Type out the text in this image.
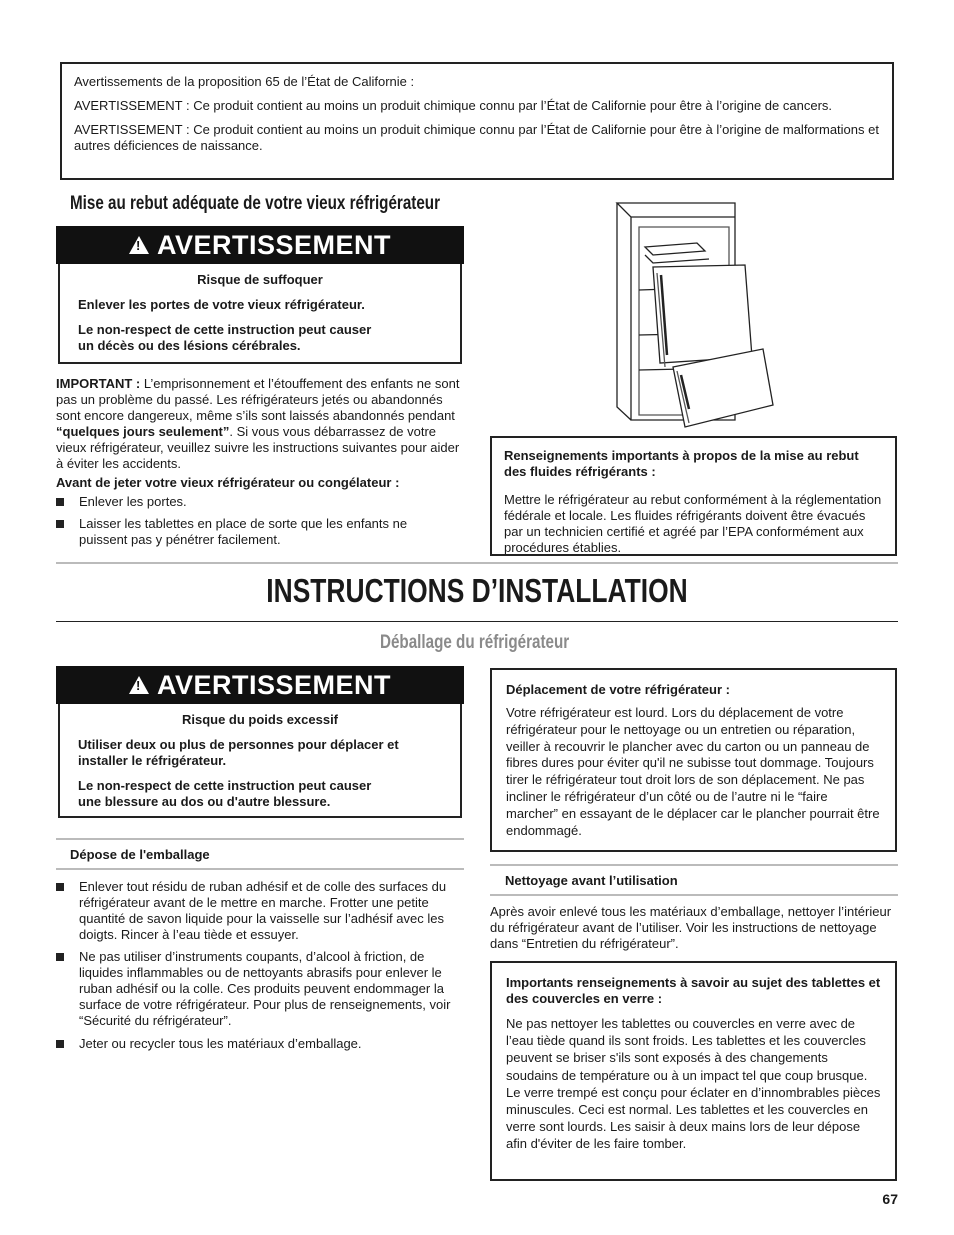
Avertissements de la proposition 65 de l’État de Californie :

AVERTISSEMENT : Ce produit contient au moins un produit chimique connu par l’État de Californie pour être à l’origine de cancers.

AVERTISSEMENT : Ce produit contient au moins un produit chimique connu par l’État de Californie pour être à l’origine de malformations et autres déficiences de naissance.

Mise au rebut adéquate de votre vieux réfrigérateur
! AVERTISSEMENT
Risque de suffoquer
Enlever les portes de votre vieux réfrigérateur.
Le non-respect de cette instruction peut causer
un décès ou des lésions cérébrales.
IMPORTANT : L’emprisonnement et l’étouffement des enfants ne sont pas un problème du passé. Les réfrigérateurs jetés ou abandonnés sont encore dangereux, même s’ils sont laissés abandonnés pendant “quelques jours seulement”. Si vous vous débarrassez de votre vieux réfrigérateur, veuillez suivre les instructions suivantes pour aider à éviter les accidents.
Avant de jeter votre vieux réfrigérateur ou congélateur :
Enlever les portes.
Laisser les tablettes en place de sorte que les enfants ne puissent pas y pénétrer facilement.
Renseignements importants à propos de la mise au rebut des fluides réfrigérants :
Mettre le réfrigérateur au rebut conformément à la réglementation fédérale et locale. Les fluides réfrigérants doivent être évacués par un technicien certifié et agréé par l’EPA conformément aux procédures établies.
INSTRUCTIONS D’INSTALLATION
Déballage du réfrigérateur
! AVERTISSEMENT
Risque du poids excessif
Utiliser deux ou plus de personnes pour déplacer et
installer le réfrigérateur.
Le non-respect de cette instruction peut causer
une blessure au dos ou d'autre blessure.
Dépose de l'emballage
Enlever tout résidu de ruban adhésif et de colle des surfaces du réfrigérateur avant de le mettre en marche. Frotter une petite quantité de savon liquide pour la vaisselle sur l’adhésif avec les doigts. Rincer à l’eau tiède et essuyer.
Ne pas utiliser d’instruments coupants, d’alcool à friction, de liquides inflammables ou de nettoyants abrasifs pour enlever le ruban adhésif ou la colle. Ces produits peuvent endommager la surface de votre réfrigérateur. Pour plus de renseignements, voir “Sécurité du réfrigérateur”.
Jeter ou recycler tous les matériaux d’emballage.
Déplacement de votre réfrigérateur :
Votre réfrigérateur est lourd. Lors du déplacement de votre réfrigérateur pour le nettoyage ou un entretien ou réparation, veiller à recouvrir le plancher avec du carton ou un panneau de fibres dures pour éviter qu'il ne subisse tout dommage. Toujours tirer le réfrigérateur tout droit lors de son déplacement. Ne pas incliner le réfrigérateur d’un côté ou de l’autre ni le “faire marcher” en essayant de le déplacer car le plancher pourrait être endommagé.
Nettoyage avant l’utilisation
Après avoir enlevé tous les matériaux d’emballage, nettoyer l’intérieur du réfrigérateur avant de l’utiliser. Voir les instructions de nettoyage dans “Entretien du réfrigérateur”.
Importants renseignements à savoir au sujet des tablettes et des couvercles en verre :
Ne pas nettoyer les tablettes ou couvercles en verre avec de l’eau tiède quand ils sont froids. Les tablettes et les couvercles peuvent se briser s'ils sont exposés à des changements soudains de température ou à un impact tel que coup brusque. Le verre trempé est conçu pour éclater en d’innombrables pièces minuscules. Ceci est normal. Les tablettes et les couvercles en verre sont lourds. Les saisir à deux mains lors de leur dépose afin d'éviter de les faire tomber.
67
